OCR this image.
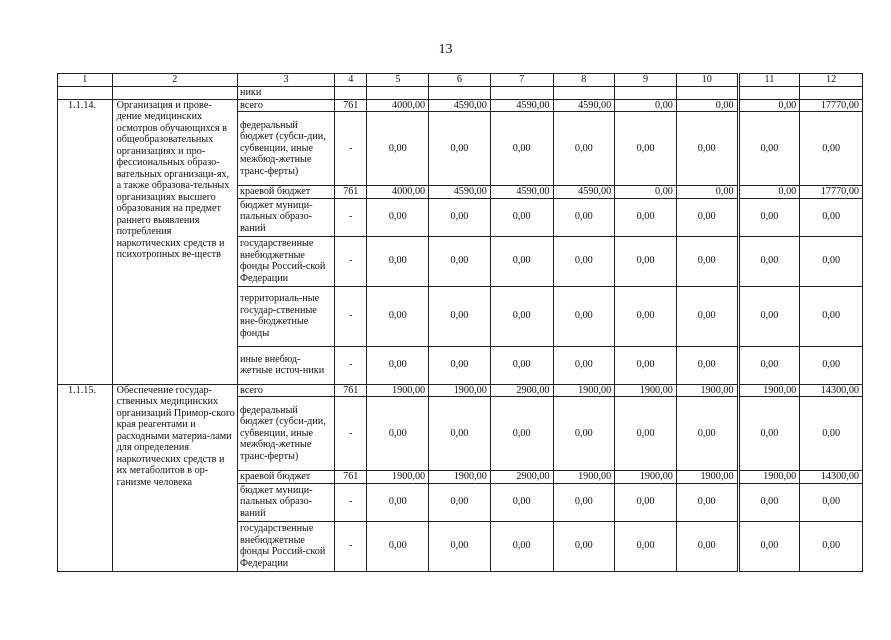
13
1	2	3	4	5	6	7	8	9	10	11	12
		ники									
1.1.14.	Организация и прове-дение медицинских осмотров обучающихся в общеобразовательных организациях и про-фессиональных образо-вательных организаци-ях, а также образова-тельных организациях высшего образования на предмет раннего выявления потребления наркотических средств и психотропных ве-ществ	всего	761	4000,00	4590,00	4590,00	4590,00	0,00	0,00	0,00	17770,00
		федеральный бюджет (субси-дии, субвенции, иные межбюд-жетные транс-ферты)	-	0,00	0,00	0,00	0,00	0,00	0,00	0,00	0,00
		краевой бюджет	761	4000,00	4590,00	4590,00	4590,00	0,00	0,00	0,00	17770,00
		бюджет муници-пальных образо-ваний	-	0,00	0,00	0,00	0,00	0,00	0,00	0,00	0,00
		государственные внебюджетные фонды Россий-ской Федерации	-	0,00	0,00	0,00	0,00	0,00	0,00	0,00	0,00
		территориаль-ные государ-ственные вне-бюджетные фонды	-	0,00	0,00	0,00	0,00	0,00	0,00	0,00	0,00
		иные внебюд-жетные источ-ники	-	0,00	0,00	0,00	0,00	0,00	0,00	0,00	0,00
1.1.15.	Обеспечение государ-ственных медицинских организаций Примор-ского края реагентами и расходными материа-лами для определения наркотических средств и их метаболитов в ор-ганизме человека	всего	761	1900,00	1900,00	2900,00	1900,00	1900,00	1900,00	1900,00	14300,00
		федеральный бюджет (субси-дии, субвенции, иные межбюд-жетные транс-ферты)	-	0,00	0,00	0,00	0,00	0,00	0,00	0,00	0,00
		краевой бюджет	761	1900,00	1900,00	2900,00	1900,00	1900,00	1900,00	1900,00	14300,00
		бюджет муници-пальных образо-ваний	-	0,00	0,00	0,00	0,00	0,00	0,00	0,00	0,00
		государственные внебюджетные фонды Россий-ской Федерации	-	0,00	0,00	0,00	0,00	0,00	0,00	0,00	0,00
